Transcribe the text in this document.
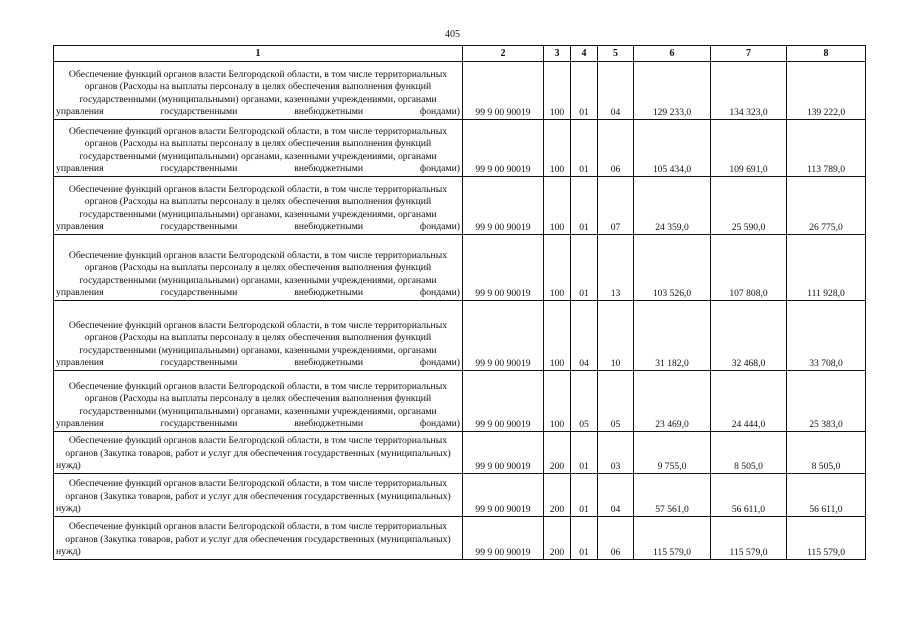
405
1	2	3	4	5	6	7	8
Обеспечение функций органов власти Белгородской области, в том числе территориальных органов (Расходы на выплаты персоналу в целях обеспечения выполнения функций государственными (муниципальными) органами, казенными учреждениями, органами управления государственными внебюджетными фондами)	99 9 00 90019	100	01	04	129 233,0	134 323,0	139 222,0
Обеспечение функций органов власти Белгородской области, в том числе территориальных органов (Расходы на выплаты персоналу в целях обеспечения выполнения функций государственными (муниципальными) органами, казенными учреждениями, органами управления государственными внебюджетными фондами)	99 9 00 90019	100	01	06	105 434,0	109 691,0	113 789,0
Обеспечение функций органов власти Белгородской области, в том числе территориальных органов (Расходы на выплаты персоналу в целях обеспечения выполнения функций государственными (муниципальными) органами, казенными учреждениями, органами управления государственными внебюджетными фондами)	99 9 00 90019	100	01	07	24 359,0	25 590,0	26 775,0
Обеспечение функций органов власти Белгородской области, в том числе территориальных органов (Расходы на выплаты персоналу в целях обеспечения выполнения функций государственными (муниципальными) органами, казенными учреждениями, органами управления государственными внебюджетными фондами)	99 9 00 90019	100	01	13	103 526,0	107 808,0	111 928,0
Обеспечение функций органов власти Белгородской области, в том числе территориальных органов (Расходы на выплаты персоналу в целях обеспечения выполнения функций государственными (муниципальными) органами, казенными учреждениями, органами управления государственными внебюджетными фондами)	99 9 00 90019	100	04	10	31 182,0	32 468,0	33 708,0
Обеспечение функций органов власти Белгородской области, в том числе территориальных органов (Расходы на выплаты персоналу в целях обеспечения выполнения функций государственными (муниципальными) органами, казенными учреждениями, органами управления государственными внебюджетными фондами)	99 9 00 90019	100	05	05	23 469,0	24 444,0	25 383,0
Обеспечение функций органов власти Белгородской области, в том числе территориальных органов (Закупка товаров, работ и услуг для обеспечения государственных (муниципальных) нужд)	99 9 00 90019	200	01	03	9 755,0	8 505,0	8 505,0
Обеспечение функций органов власти Белгородской области, в том числе территориальных органов (Закупка товаров, работ и услуг для обеспечения государственных (муниципальных) нужд)	99 9 00 90019	200	01	04	57 561,0	56 611,0	56 611,0
Обеспечение функций органов власти Белгородской области, в том числе территориальных органов (Закупка товаров, работ и услуг для обеспечения государственных (муниципальных) нужд)	99 9 00 90019	200	01	06	115 579,0	115 579,0	115 579,0
